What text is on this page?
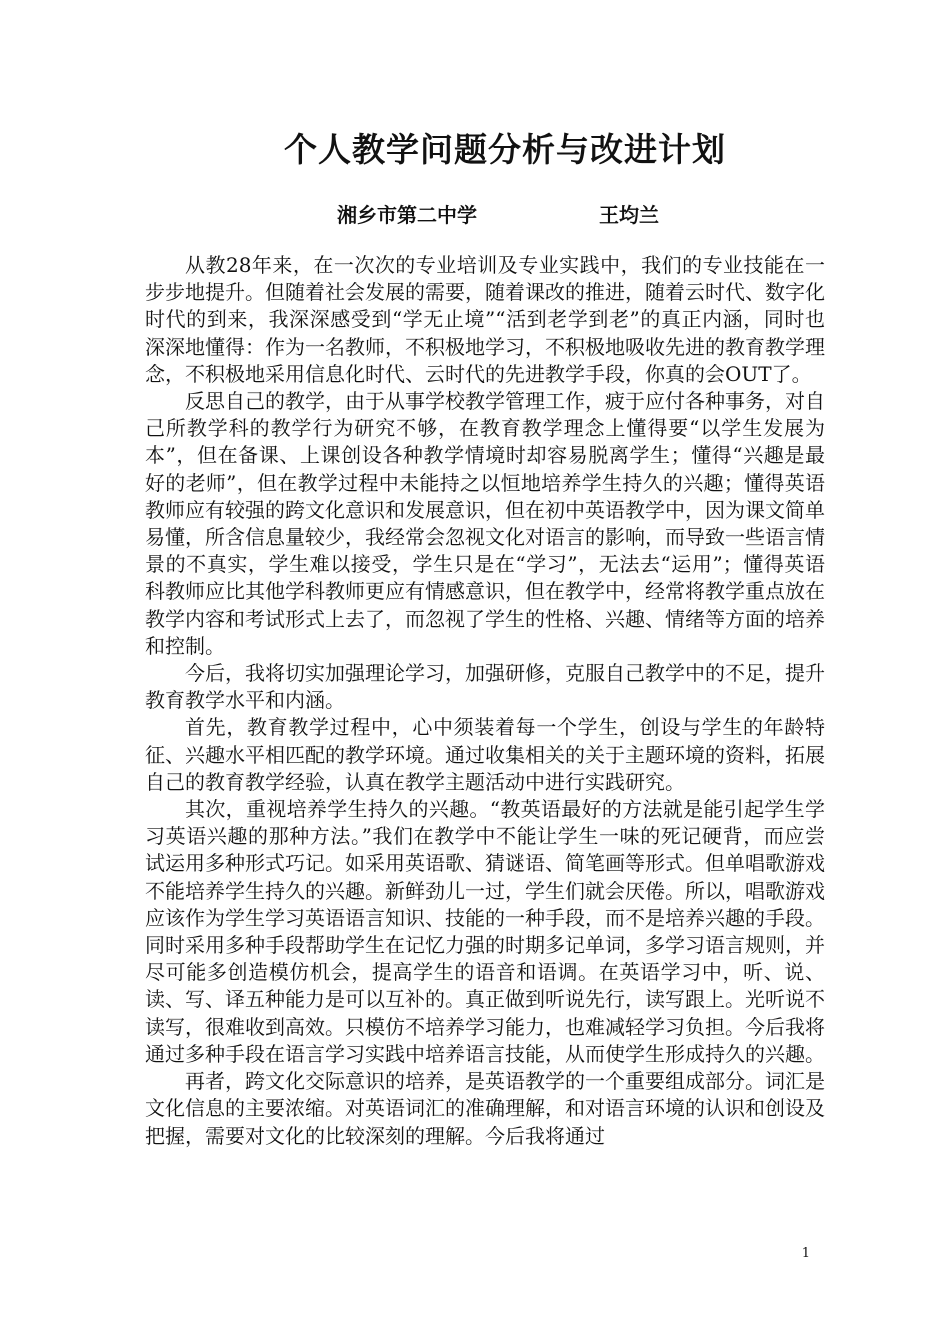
个人教学问题分析与改进计划
湘乡市第二中学	王均兰

从教28年来，在一次次的专业培训及专业实践中，我们的专业技能在一步步地提升。但随着社会发展的需要，随着课改的推进，随着云时代、数字化时代的到来，我深深感受到“学无止境”“活到老学到老”的真正内涵，同时也深深地懂得：作为一名教师，不积极地学习，不积极地吸收先进的教育教学理念，不积极地采用信息化时代、云时代的先进教学手段，你真的会OUT了。

反思自己的教学，由于从事学校教学管理工作，疲于应付各种事务，对自己所教学科的教学行为研究不够，在教育教学理念上懂得要“以学生发展为本”，但在备课、上课创设各种教学情境时却容易脱离学生；懂得“兴趣是最好的老师”，但在教学过程中未能持之以恒地培养学生持久的兴趣；懂得英语教师应有较强的跨文化意识和发展意识，但在初中英语教学中，因为课文简单易懂，所含信息量较少，我经常会忽视文化对语言的影响，而导致一些语言情景的不真实，学生难以接受，学生只是在“学习”，无法去“运用”；懂得英语科教师应比其他学科教师更应有情感意识，但在教学中，经常将教学重点放在教学内容和考试形式上去了，而忽视了学生的性格、兴趣、情绪等方面的培养和控制。

今后，我将切实加强理论学习，加强研修，克服自己教学中的不足，提升教育教学水平和内涵。

首先，教育教学过程中，心中须装着每一个学生，创设与学生的年龄特征、兴趣水平相匹配的教学环境。通过收集相关的关于主题环境的资料，拓展自己的教育教学经验，认真在教学主题活动中进行实践研究。

其次，重视培养学生持久的兴趣。“教英语最好的方法就是能引起学生学习英语兴趣的那种方法。”我们在教学中不能让学生一味的死记硬背，而应尝试运用多种形式巧记。如采用英语歌、猜谜语、简笔画等形式。但单唱歌游戏不能培养学生持久的兴趣。新鲜劲儿一过，学生们就会厌倦。所以，唱歌游戏应该作为学生学习英语语言知识、技能的一种手段，而不是培养兴趣的手段。同时采用多种手段帮助学生在记忆力强的时期多记单词，多学习语言规则，并尽可能多创造模仿机会，提高学生的语音和语调。在英语学习中，听、说、读、写、译五种能力是可以互补的。真正做到听说先行，读写跟上。光听说不读写，很难收到高效。只模仿不培养学习能力，也难减轻学习负担。今后我将通过多种手段在语言学习实践中培养语言技能，从而使学生形成持久的兴趣。

再者，跨文化交际意识的培养，是英语教学的一个重要组成部分。词汇是文化信息的主要浓缩。对英语词汇的准确理解，和对语言环境的认识和创设及把握，需要对文化的比较深刻的理解。今后我将通过

1
